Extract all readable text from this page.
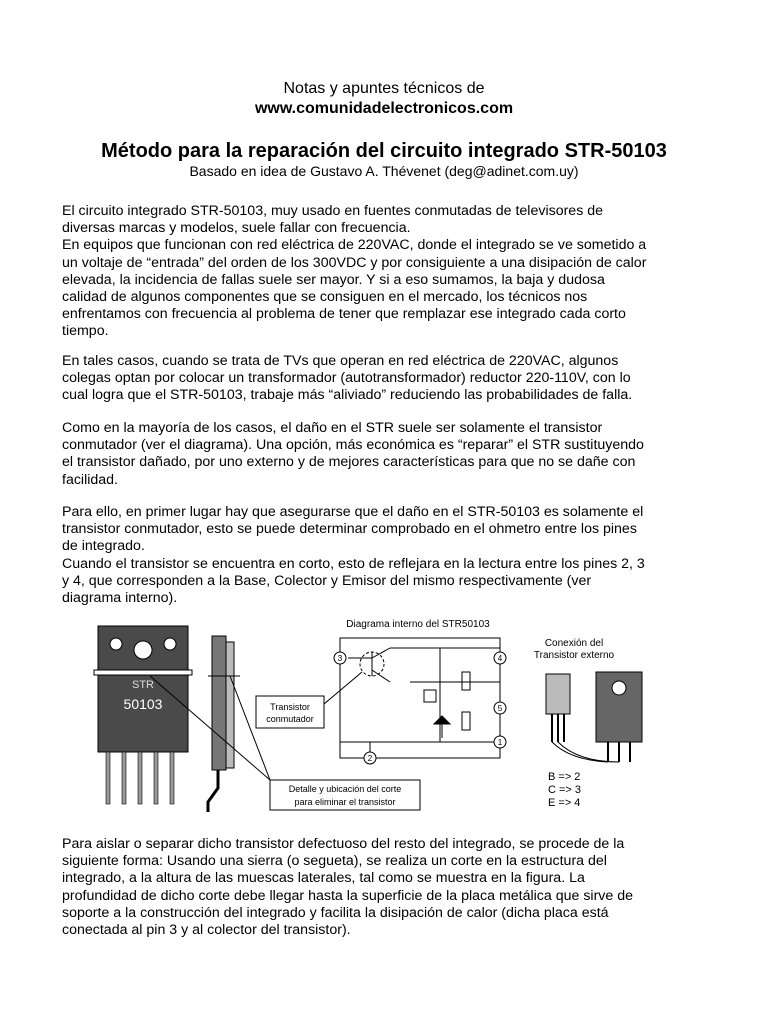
Notas y apuntes técnicos de
www.comunidadelectronicos.com
Método para la reparación del circuito integrado STR-50103
Basado en idea de Gustavo A. Thévenet (deg@adinet.com.uy)
El circuito integrado STR-50103, muy usado en fuentes conmutadas de televisores de
diversas marcas y modelos, suele fallar con frecuencia.
En equipos que funcionan con red eléctrica de 220VAC, donde el integrado se ve sometido a
un voltaje de “entrada” del orden de los 300VDC y por consiguiente a una disipación de calor
elevada, la incidencia de fallas suele ser mayor. Y si a eso sumamos, la baja y dudosa
calidad de algunos componentes que se consiguen en el mercado, los técnicos nos
enfrentamos con frecuencia al problema de tener que remplazar ese integrado cada corto
tiempo.
En tales casos, cuando se trata de TVs que operan en red eléctrica de 220VAC, algunos
colegas optan por colocar un transformador (autotransformador) reductor 220-110V, con lo
cual logra que el STR-50103, trabaje más “aliviado” reduciendo las probabilidades de falla.
Como en la mayoría de los casos, el daño en el STR suele ser solamente el transistor
conmutador (ver el diagrama). Una opción, más económica es “reparar” el STR sustituyendo
el transistor dañado, por uno externo y de mejores características para que no se dañe con
facilidad.
Para ello, en primer lugar hay que asegurarse que el daño en el STR-50103 es solamente el
transistor conmutador, esto se puede determinar comprobado en el ohmetro entre los pines
de integrado.
Cuando el transistor se encuentra en corto, esto de reflejara en la lectura entre los pines 2, 3
y 4, que corresponden a la Base, Colector y Emisor del mismo respectivamente (ver
diagrama interno).
STR
50103
Diagrama interno del STR50103
3	4
5
1
2
Transistor
conmutador
Detalle y ubicación del corte
para eliminar el transistor
Conexión del
Transistor externo
B => 2
C => 3
E => 4
Para aislar o separar dicho transistor defectuoso del resto del integrado, se procede de la
siguiente forma: Usando una sierra (o segueta), se realiza un corte en la estructura del
integrado, a la altura de las muescas laterales, tal como se muestra en la figura. La
profundidad de dicho corte debe llegar hasta la superficie de la placa metálica que sirve de
soporte a la construcción del integrado y facilita la disipación de calor (dicha placa está
conectada al pin 3 y al colector del transistor).
